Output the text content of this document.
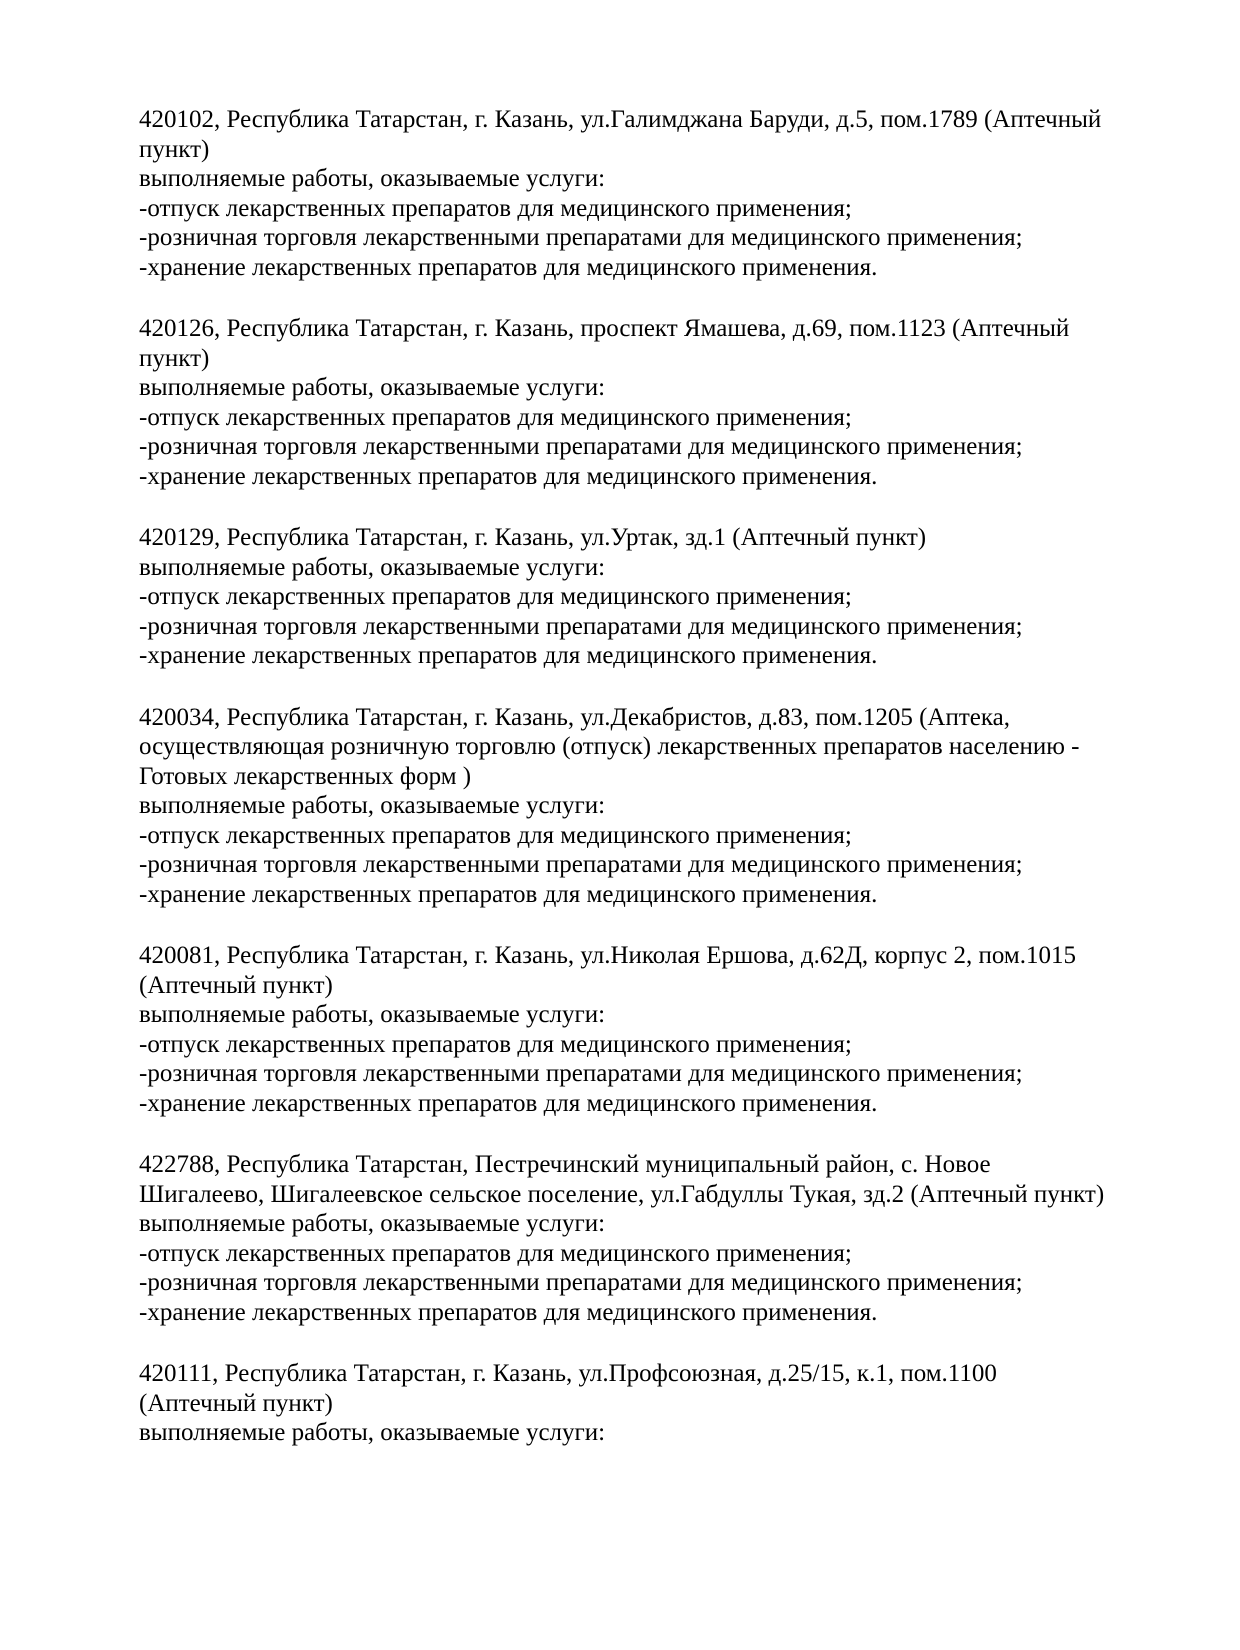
420102, Республика Татарстан, г. Казань, ул.Галимджана Баруди, д.5, пом.1789 (Аптечный пункт)

выполняемые работы, оказываемые услуги:

-отпуск лекарственных препаратов для медицинского применения;

-розничная торговля лекарственными препаратами для медицинского применения;

-хранение лекарственных препаратов для медицинского применения.

420126, Республика Татарстан, г. Казань, проспект Ямашева, д.69, пом.1123 (Аптечный пункт)

выполняемые работы, оказываемые услуги:

-отпуск лекарственных препаратов для медицинского применения;

-розничная торговля лекарственными препаратами для медицинского применения;

-хранение лекарственных препаратов для медицинского применения.

420129, Республика Татарстан, г. Казань, ул.Уртак, зд.1 (Аптечный пункт)

выполняемые работы, оказываемые услуги:

-отпуск лекарственных препаратов для медицинского применения;

-розничная торговля лекарственными препаратами для медицинского применения;

-хранение лекарственных препаратов для медицинского применения.

420034, Республика Татарстан, г. Казань, ул.Декабристов, д.83, пом.1205 (Аптека, осуществляющая розничную торговлю (отпуск) лекарственных препаратов населению - Готовых лекарственных форм )

выполняемые работы, оказываемые услуги:

-отпуск лекарственных препаратов для медицинского применения;

-розничная торговля лекарственными препаратами для медицинского применения;

-хранение лекарственных препаратов для медицинского применения.

420081, Республика Татарстан, г. Казань, ул.Николая Ершова, д.62Д, корпус 2, пом.1015 (Аптечный пункт)

выполняемые работы, оказываемые услуги:

-отпуск лекарственных препаратов для медицинского применения;

-розничная торговля лекарственными препаратами для медицинского применения;

-хранение лекарственных препаратов для медицинского применения.

422788, Республика Татарстан, Пестречинский муниципальный район, с. Новое Шигалеево, Шигалеевское сельское поселение, ул.Габдуллы Тукая, зд.2 (Аптечный пункт)

выполняемые работы, оказываемые услуги:

-отпуск лекарственных препаратов для медицинского применения;

-розничная торговля лекарственными препаратами для медицинского применения;

-хранение лекарственных препаратов для медицинского применения.

420111, Республика Татарстан, г. Казань, ул.Профсоюзная, д.25/15, к.1, пом.1100 (Аптечный пункт)

выполняемые работы, оказываемые услуги:
